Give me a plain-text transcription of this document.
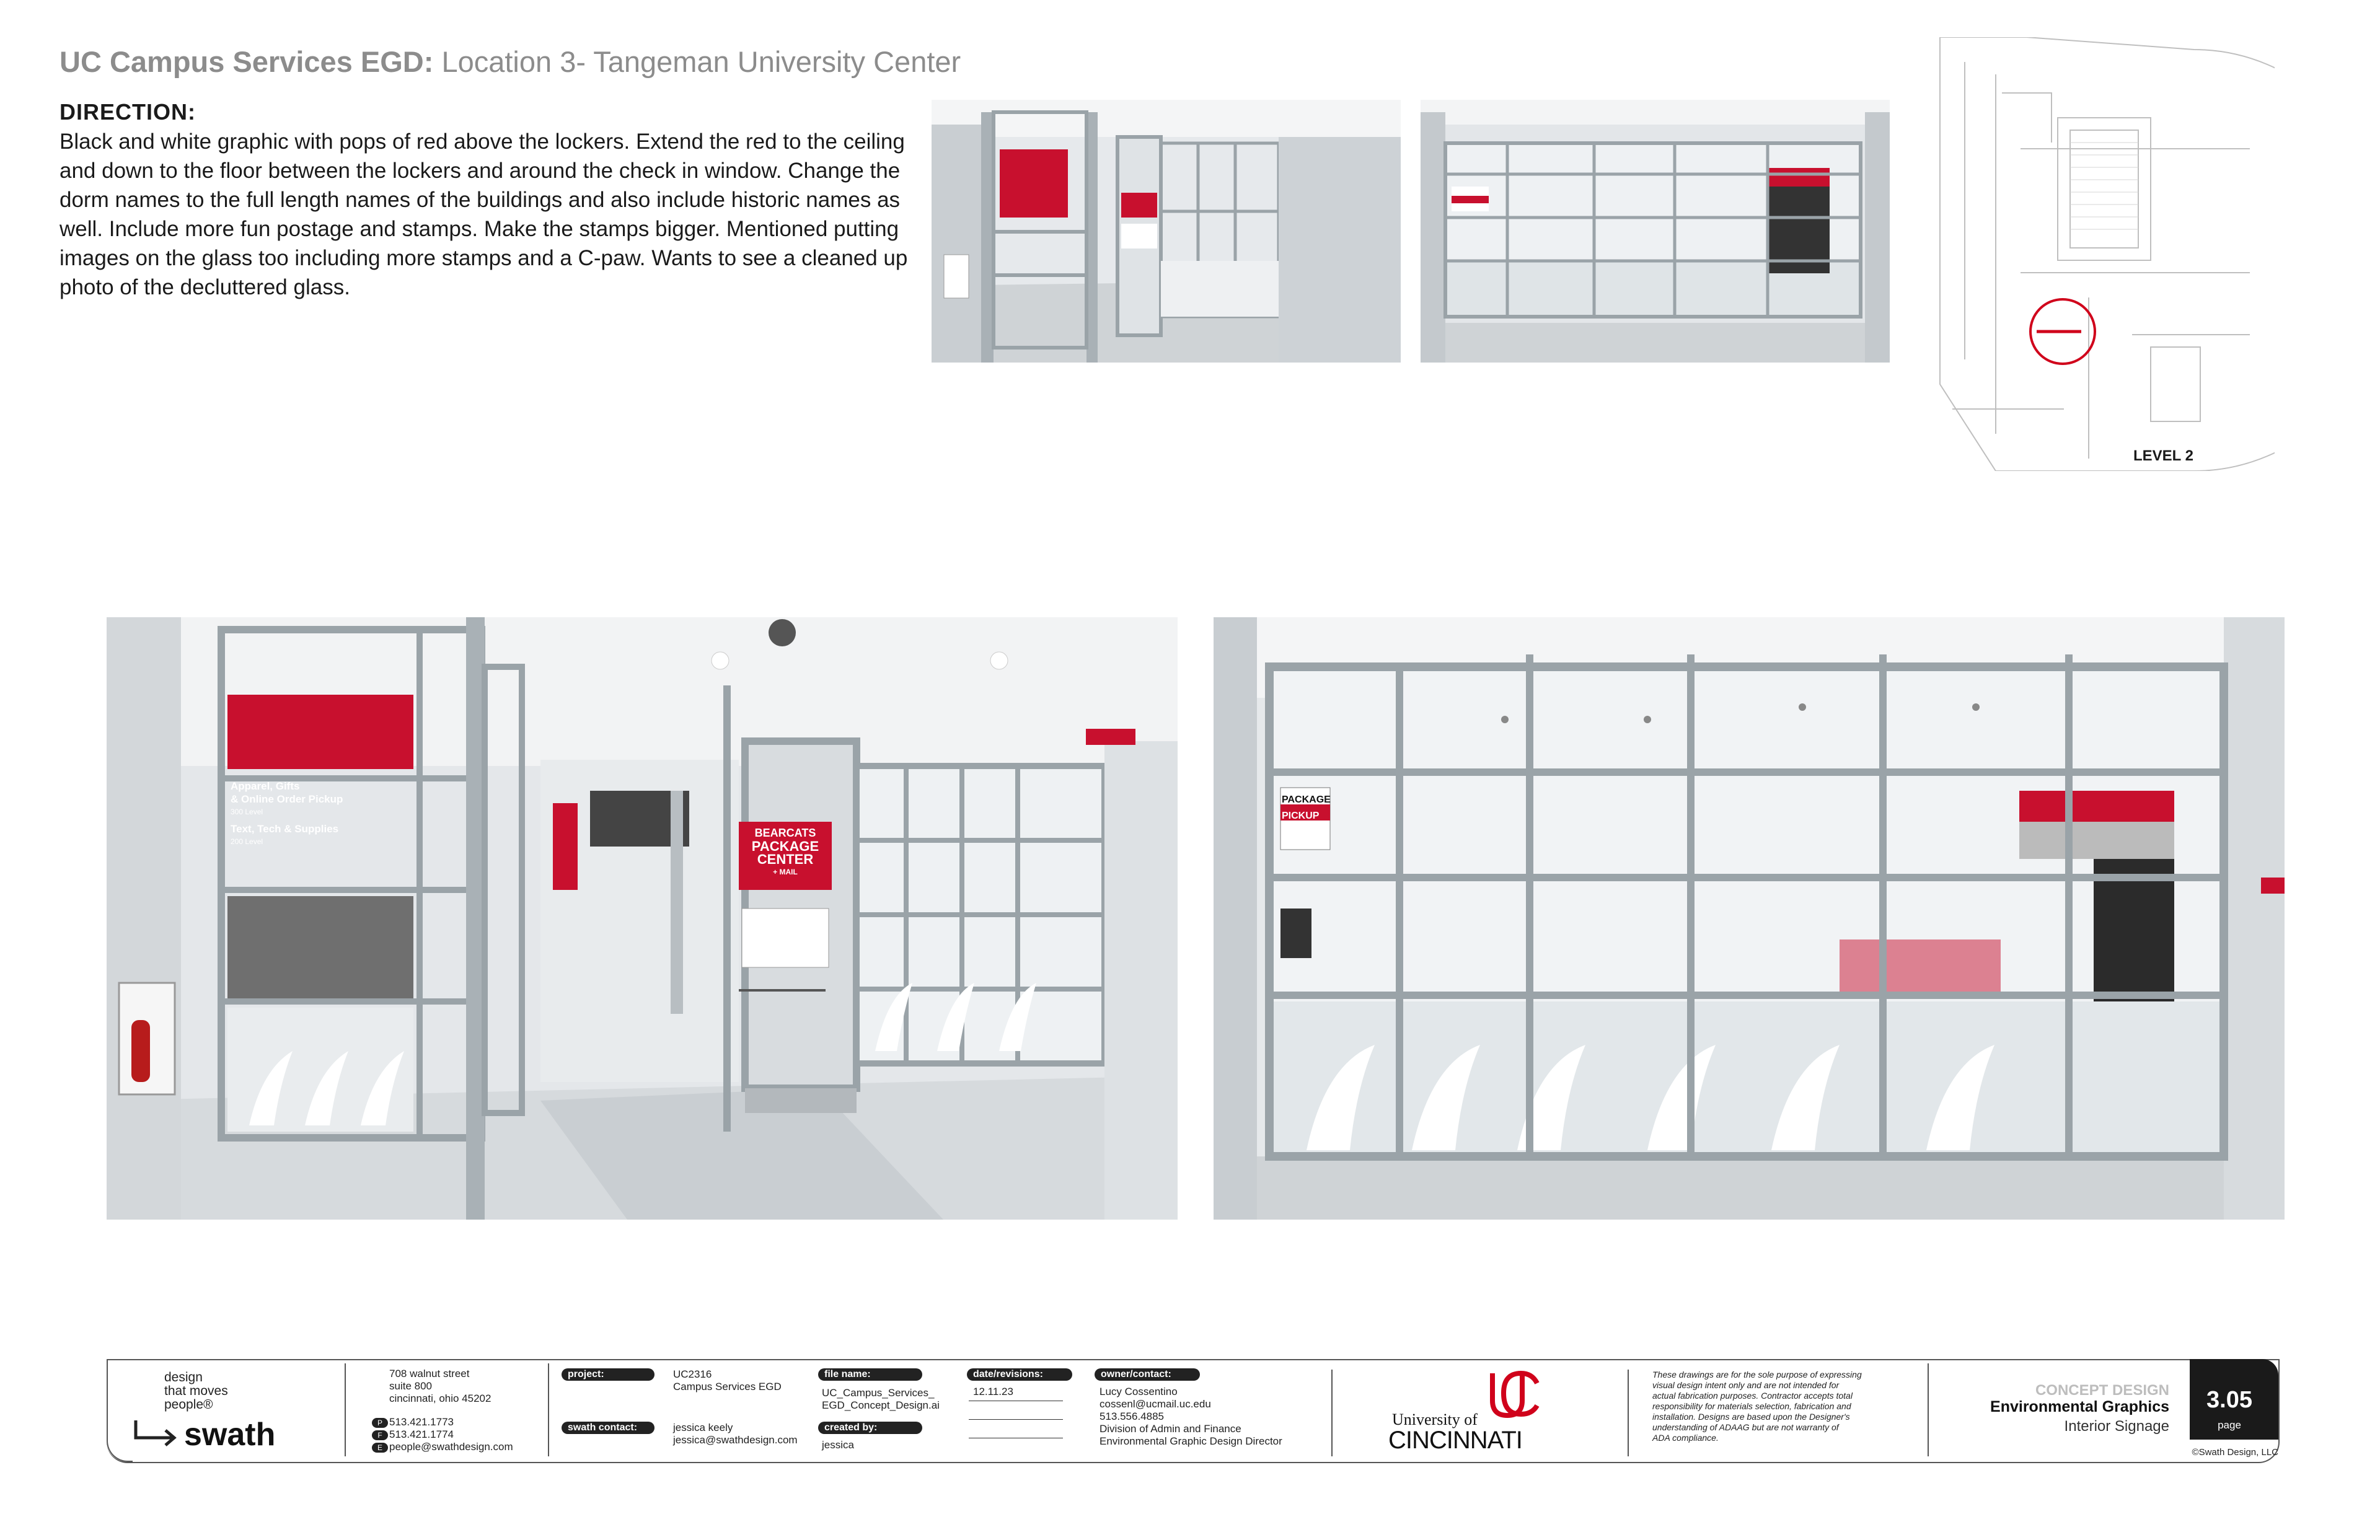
UC Campus Services EGD: Location 3- Tangeman University Center
DIRECTION:
Black and white graphic with pops of red above the lockers. Extend the red to the ceiling and down to the floor between the lockers and around the check in window. Change the dorm names to the full length names of the buildings and also include historic names as well. Include more fun postage and stamps. Make the stamps bigger. Mentioned putting images on the glass too including more stamps and a C-paw. Wants to see a cleaned up photo of the decluttered glass.
LEVEL 2
Apparel, Gifts
& Online Order Pickup
300 Level
Text, Tech & Supplies
200 Level
BEARCATS
PACKAGE
CENTER
+ MAIL
PACKAGE
PICKUP
design
that moves
people®
swath
708 walnut street
suite 800
cincinnati, ohio 45202
P 513.421.1773
F 513.421.1774
E people@swathdesign.com
project:	UC2316
Campus Services EGD
swath contact:	jessica keely
jessica@swathdesign.com
file name:
UC_Campus_Services_
EGD_Concept_Design.ai
created by:
jessica
date/revisions:
12.11.23
owner/contact:
Lucy Cossentino
cossenl@ucmail.uc.edu
513.556.4885
Division of Admin and Finance
Environmental Graphic Design Director
University of
CINCINNATI
These drawings are for the sole purpose of expressing
visual design intent only and are not intended for
actual fabrication purposes. Contractor accepts total
responsibility for materials selection, fabrication and
installation. Designs are based upon the Designer's
understanding of ADAAG but are not warranty of
ADA compliance.
CONCEPT DESIGN
Environmental Graphics
Interior Signage
3.05
page
©Swath Design, LLC
